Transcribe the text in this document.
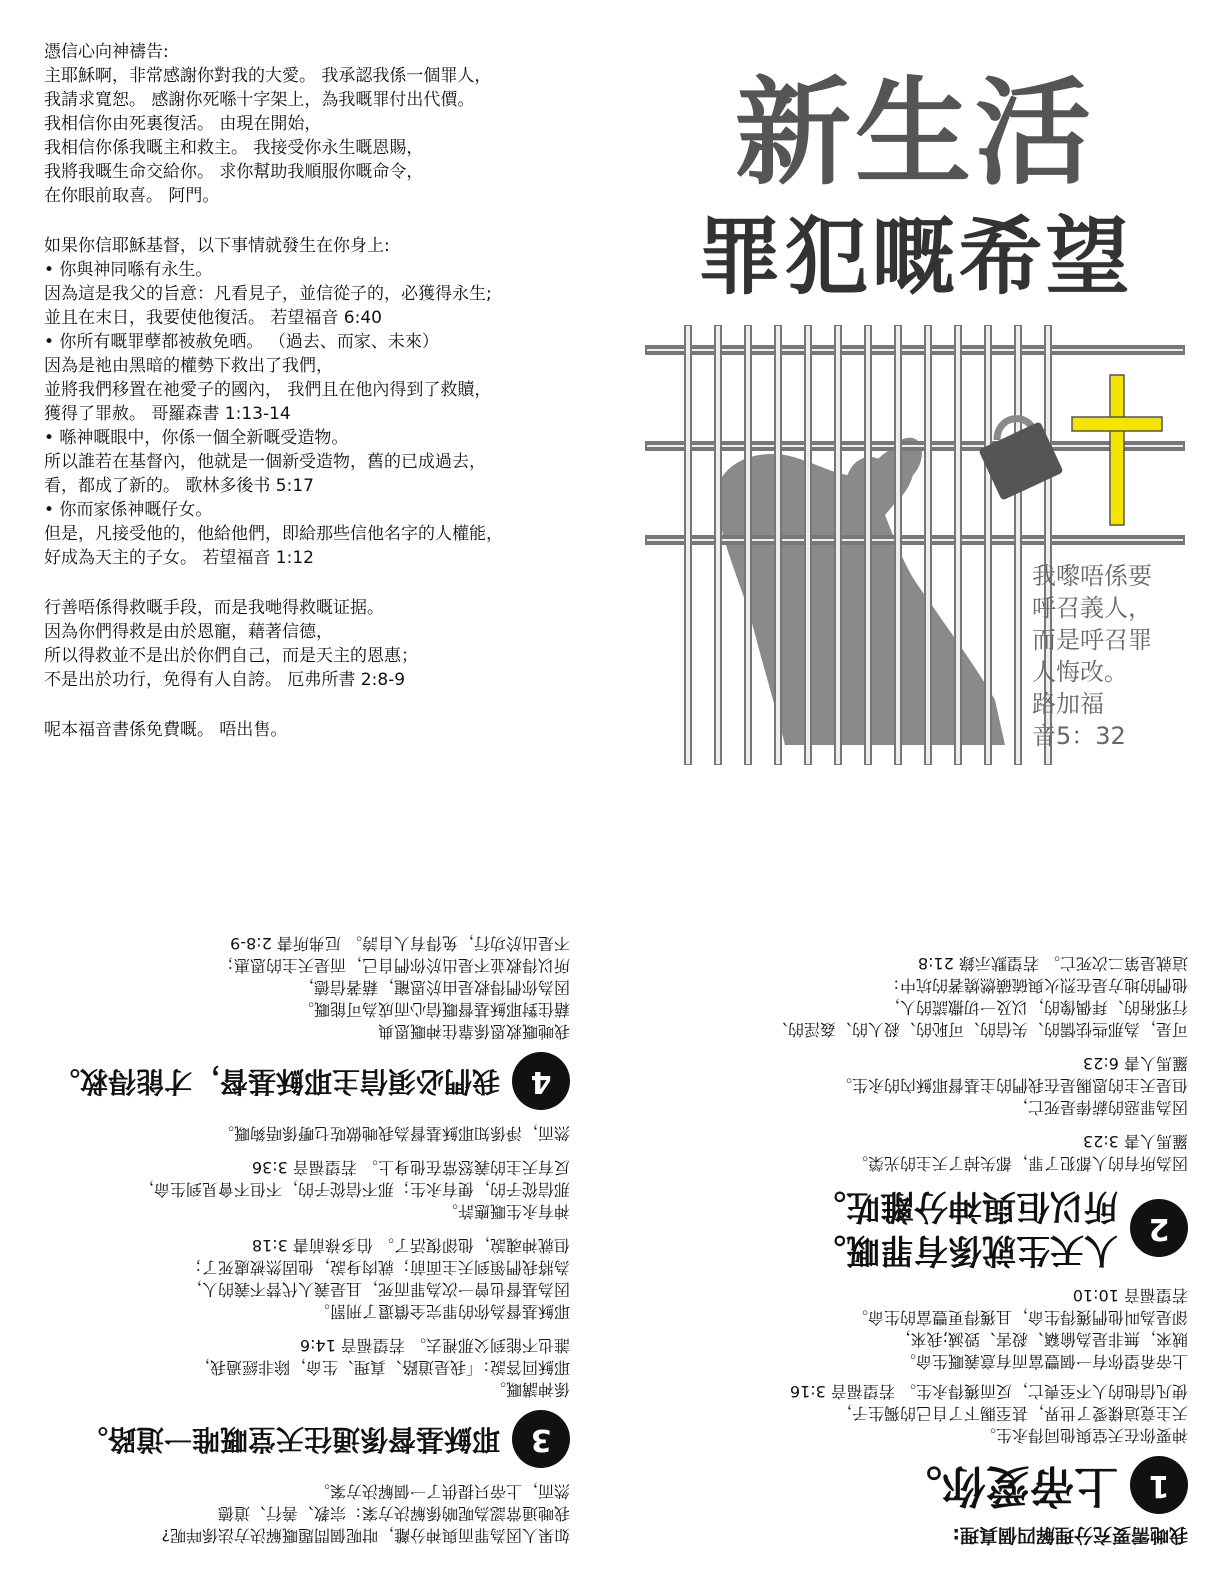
憑信心向神禱告:

主耶穌啊，非常感謝你對我的大愛。 我承認我係一個罪人，

我請求寬恕。 感謝你死喺十字架上，為我嘅罪付出代價。

我相信你由死裏復活。 由現在開始，

我相信你係我嘅主和救主。 我接受你永生嘅恩賜，

我將我嘅生命交給你。 求你幫助我順服你嘅命令，

在你眼前取喜。 阿門。

如果你信耶穌基督，以下事情就發生在你身上:

• 你與神同喺有永生。

因為這是我父的旨意：凡看見子，並信從子的，必獲得永生;

並且在末日，我要使他復活。 若望福音 6:40

• 你所有嘅罪孽都被赦免晒。 （過去、而家、未來）

因為是祂由黑暗的權勢下救出了我們，

並將我們移置在祂愛子的國內， 我們且在他內得到了救贖，

獲得了罪赦。 哥羅森書 1:13-14

• 喺神嘅眼中，你係一個全新嘅受造物。

所以誰若在基督內，他就是一個新受造物，舊的已成過去，

看，都成了新的。 歌林多後书 5:17

• 你而家係神嘅仔女。

但是，凡接受他的，他給他們，即給那些信他名字的人權能，

好成為天主的子女。 若望福音 1:12

行善唔係得救嘅手段，而是我哋得救嘅证据。

因為你們得救是由於恩寵，藉著信德，

所以得救並不是出於你們自己，而是天主的恩惠；

不是出於功行，免得有人自誇。 厄弗所書 2:8-9

呢本福音書係免費嘅。 唔出售。

新生活
罪犯嘅希望
我嚟唔係要
呼召義人，
而是呼召罪
人悔改。
路加福
音5：32
我哋需要充分理解四個真理:
1
上帝愛你。

神要你在天堂與他同得永生。

天主竟這樣愛了世界，甚至賜下了自己的獨生子，

使凡信他的人不至喪亡，反而獲得永生。 若望福音 3:16

上帝希望你有一個豐富而有意義嘅生命。

賊來，無非是為偷竊、殺害、毀滅;我來，

卻是為叫他們獲得生命，且獲得更豐富的生命。

若望福音 10:10

2
人天生就係有罪嘅。
所以佢與神分離咗。

因為所有的人都犯了罪，都失掉了天主的光榮。

羅馬人書 3:23

因為罪惡的薪俸是死亡，

但是天主的恩賜是在我們的主基督耶穌內的永生。

羅馬人書 6:23

可是，為那些怯懦的、失信的、可恥的、殺人的、姦淫的、

行邪術的、拜偶像的，以及一切撒謊的人，

他們的地方是在烈火與硫磺燃燒著的坑中：

這就是第二次死亡。 若望默示錄 21:8

如果人因為罪而與神分離，咁呢個問題嘅解決方法係咩呢?

我哋通常認為呢啲係解決方案：宗教、善行、道德

然而，上帝只提供了一個解決方案。

3
耶穌基督係通往天堂嘅唯一道路。

係神講嘅。

耶穌回答說：「我是道路、真理、生命，除非經過我，

誰也不能到父那裡去。 若望福音 14:6

耶穌基督為你的罪完全償還了刑罰。

因為基督也曾一次為罪而死，且是義人代替不義的人，

為將我們領到天主面前；就肉身說，他固然被處死了；

但就神魂說，他卻復活了。 伯多祿前書 3:18

神有永生嘅應許。

那信從子的，便有永生；那不信從子的，不但不會見到生命，

反有天主的義怒常在他身上。 若望福音 3:36

然而，淨係知耶穌基督為我哋做咗乜嘢係唔夠嘅。

4
我們必須信主耶穌基督，才能得救。

我哋嘅救恩係靠住神嘅恩典

藉住對耶穌基督嘅信心而成為可能嘅。

因為你們得救是由於恩寵，藉著信德，

所以得救並不是出於你們自己，而是天主的恩惠；

不是出於功行，免得有人自誇。 厄弗所書 2:8-9
